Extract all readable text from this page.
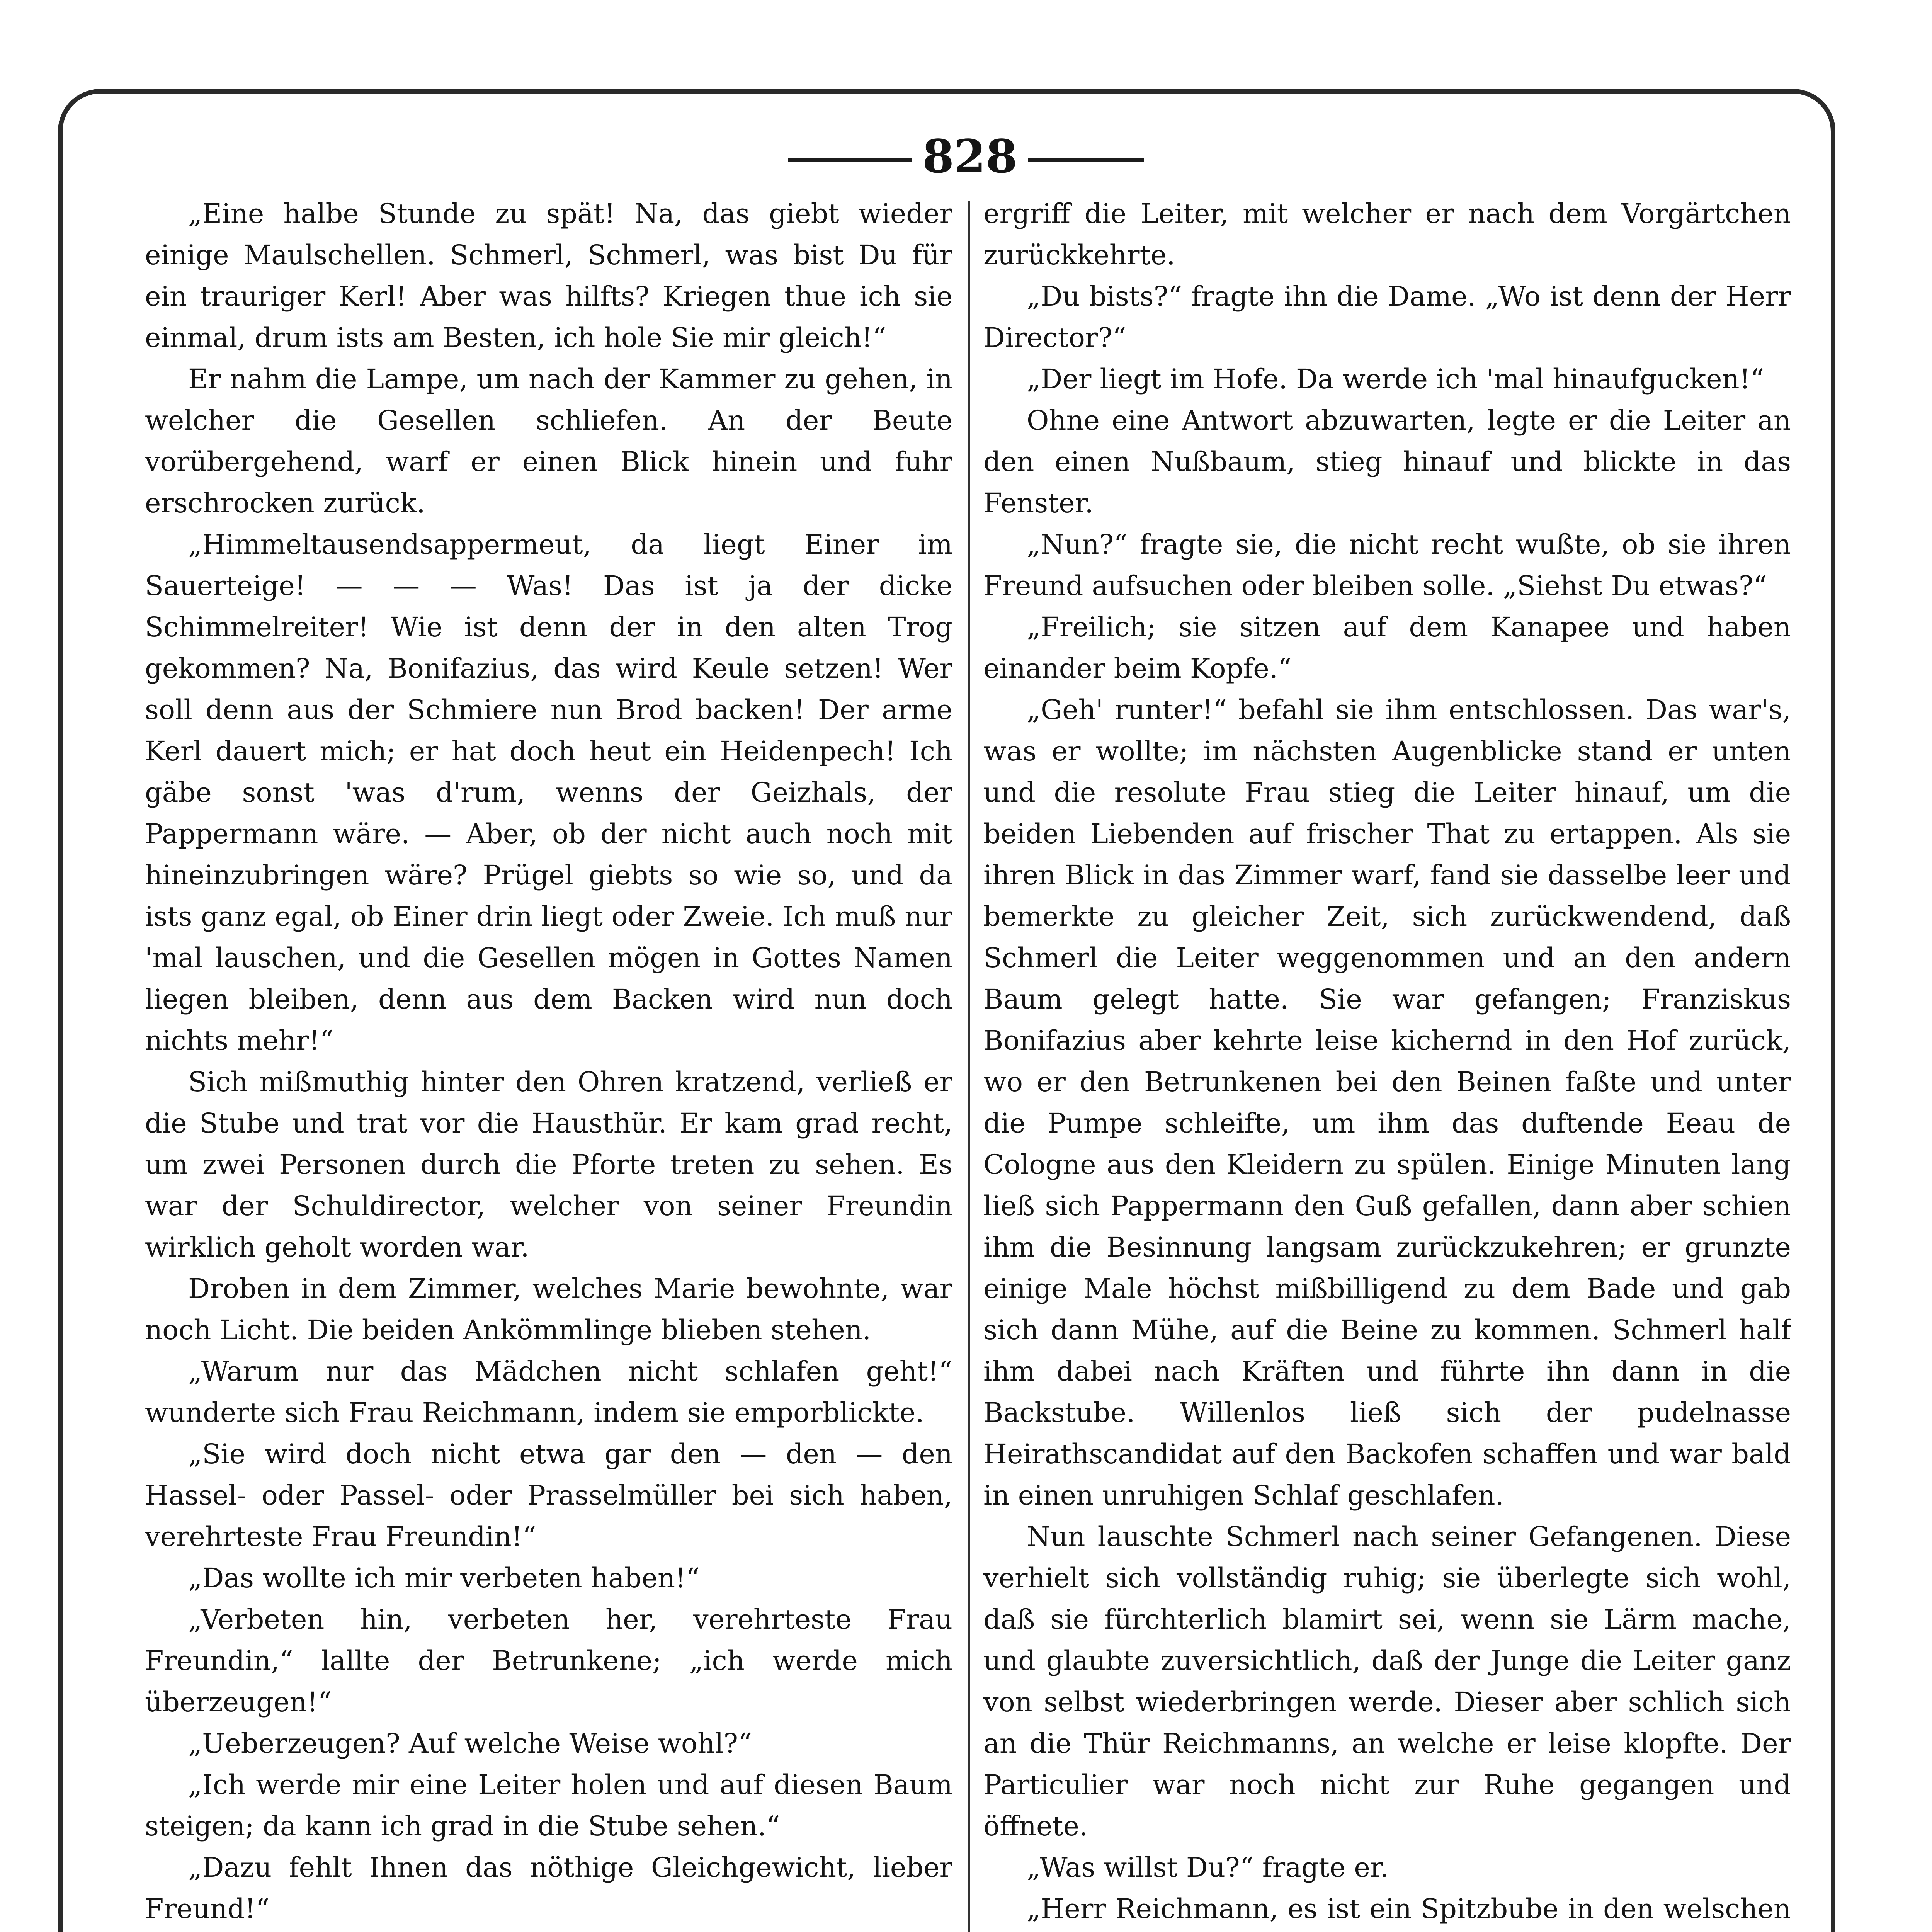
828

„Eine halbe Stunde zu spät! Na, das giebt wieder einige Maulschellen. Schmerl, Schmerl, was bist Du für ein trauriger Kerl! Aber was hilfts? Kriegen thue ich sie einmal, drum ists am Besten, ich hole Sie mir gleich!“

Er nahm die Lampe, um nach der Kammer zu gehen, in welcher die Gesellen schliefen. An der Beute vorübergehend, warf er einen Blick hinein und fuhr erschrocken zurück.

„Himmeltausendsappermeut, da liegt Einer im Sauerteige! — — — Was! Das ist ja der dicke Schimmelreiter! Wie ist denn der in den alten Trog gekommen? Na, Bonifazius, das wird Keule setzen! Wer soll denn aus der Schmiere nun Brod backen! Der arme Kerl dauert mich; er hat doch heut ein Heidenpech! Ich gäbe sonst 'was d'rum, wenns der Geizhals, der Pappermann wäre. — Aber, ob der nicht auch noch mit hineinzubringen wäre? Prügel giebts so wie so, und da ists ganz egal, ob Einer drin liegt oder Zweie. Ich muß nur 'mal lauschen, und die Gesellen mögen in Gottes Namen liegen bleiben, denn aus dem Backen wird nun doch nichts mehr!“

Sich mißmuthig hinter den Ohren kratzend, verließ er die Stube und trat vor die Hausthür. Er kam grad recht, um zwei Personen durch die Pforte treten zu sehen. Es war der Schuldirector, welcher von seiner Freundin wirklich geholt worden war.

Droben in dem Zimmer, welches Marie bewohnte, war noch Licht. Die beiden Ankömmlinge blieben stehen.

„Warum nur das Mädchen nicht schlafen geht!“ wunderte sich Frau Reichmann, indem sie emporblickte.

„Sie wird doch nicht etwa gar den — den — den Hassel- oder Passel- oder Prasselmüller bei sich haben, verehrteste Frau Freundin!“

„Das wollte ich mir verbeten haben!“

„Verbeten hin, verbeten her, verehrteste Frau Freundin,“ lallte der Betrunkene; „ich werde mich überzeugen!“

„Ueberzeugen? Auf welche Weise wohl?“

„Ich werde mir eine Leiter holen und auf diesen Baum steigen; da kann ich grad in die Stube sehen.“

„Dazu fehlt Ihnen das nöthige Gleichgewicht, lieber Freund!“

ergriff die Leiter, mit welcher er nach dem Vorgärtchen zurückkehrte.

„Du bists?“ fragte ihn die Dame. „Wo ist denn der Herr Director?“

„Der liegt im Hofe. Da werde ich 'mal hinaufgucken!“

Ohne eine Antwort abzuwarten, legte er die Leiter an den einen Nußbaum, stieg hinauf und blickte in das Fenster.

„Nun?“ fragte sie, die nicht recht wußte, ob sie ihren Freund aufsuchen oder bleiben solle. „Siehst Du etwas?“

„Freilich; sie sitzen auf dem Kanapee und haben einander beim Kopfe.“

„Geh' runter!“ befahl sie ihm entschlossen. Das war's, was er wollte; im nächsten Augenblicke stand er unten und die resolute Frau stieg die Leiter hinauf, um die beiden Liebenden auf frischer That zu ertappen. Als sie ihren Blick in das Zimmer warf, fand sie dasselbe leer und bemerkte zu gleicher Zeit, sich zurückwendend, daß Schmerl die Leiter weggenommen und an den andern Baum gelegt hatte. Sie war gefangen; Franziskus Bonifazius aber kehrte leise kichernd in den Hof zurück, wo er den Betrunkenen bei den Beinen faßte und unter die Pumpe schleifte, um ihm das duftende Eeau de Cologne aus den Kleidern zu spülen. Einige Minuten lang ließ sich Pappermann den Guß gefallen, dann aber schien ihm die Besinnung langsam zurückzukehren; er grunzte einige Male höchst mißbilligend zu dem Bade und gab sich dann Mühe, auf die Beine zu kommen. Schmerl half ihm dabei nach Kräften und führte ihn dann in die Backstube. Willenlos ließ sich der pudelnasse Heirathscandidat auf den Backofen schaffen und war bald in einen unruhigen Schlaf geschlafen.

Nun lauschte Schmerl nach seiner Gefangenen. Diese verhielt sich vollständig ruhig; sie überlegte sich wohl, daß sie fürchterlich blamirt sei, wenn sie Lärm mache, und glaubte zuversichtlich, daß der Junge die Leiter ganz von selbst wiederbringen werde. Dieser aber schlich sich an die Thür Reichmanns, an welche er leise klopfte. Der Particulier war noch nicht zur Ruhe gegangen und öffnete.

„Was willst Du?“ fragte er.

„Herr Reichmann, es ist ein Spitzbube in den welschen
